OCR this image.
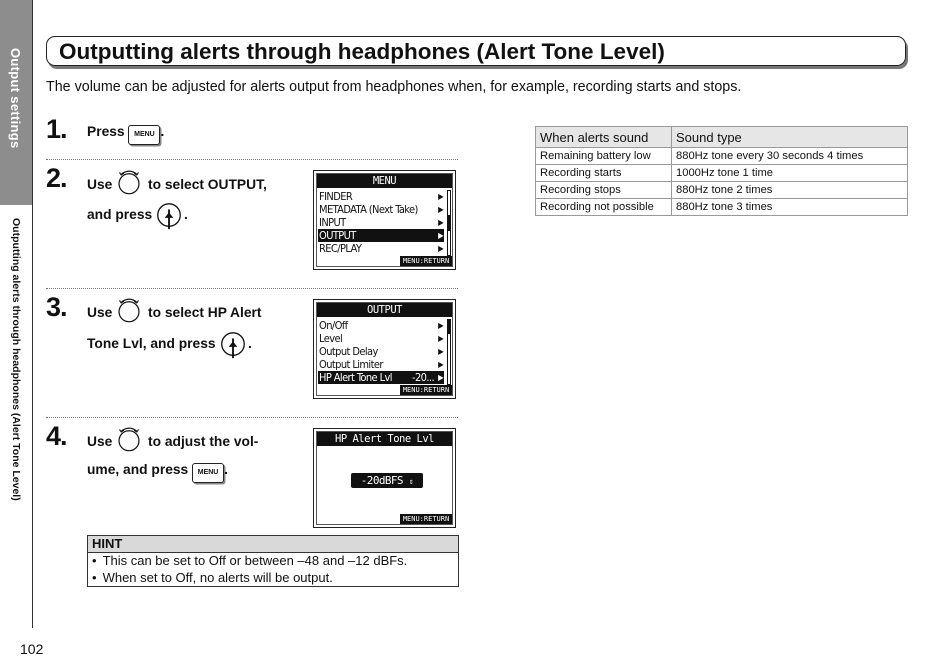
Output settings
Outputting alerts through headphones (Alert Tone Level)
102
Outputting alerts through headphones (Alert Tone Level)
The volume can be adjusted for alerts output from headphones when, for example, recording starts and stops.
1. Press MENU .
2. Use	to select OUTPUT,
and press .
MENU
FINDER	▶
METADATA (Next Take)	▶
INPUT	▶
OUTPUT	▶
REC/PLAY	▶
MENU:RETURN
3. Use	to select HP Alert
Tone Lvl, and press .
OUTPUT
On/Off	▶
Level	▶
Output Delay	▶
Output Limiter	▶
HP Alert Tone Lvl -20... ▶
MENU:RETURN
4. Use	to adjust the vol-
ume, and press MENU .
HP Alert Tone Lvl
-20dBFS ⇕
MENU:RETURN
HINT
• This can be set to Off or between –48 and –12 dBFs.
• When set to Off, no alerts will be output.
When alerts sound	Sound type
Remaining battery low	880Hz tone every 30 seconds 4 times
Recording starts	1000Hz tone 1 time
Recording stops	880Hz tone 2 times
Recording not possible	880Hz tone 3 times
